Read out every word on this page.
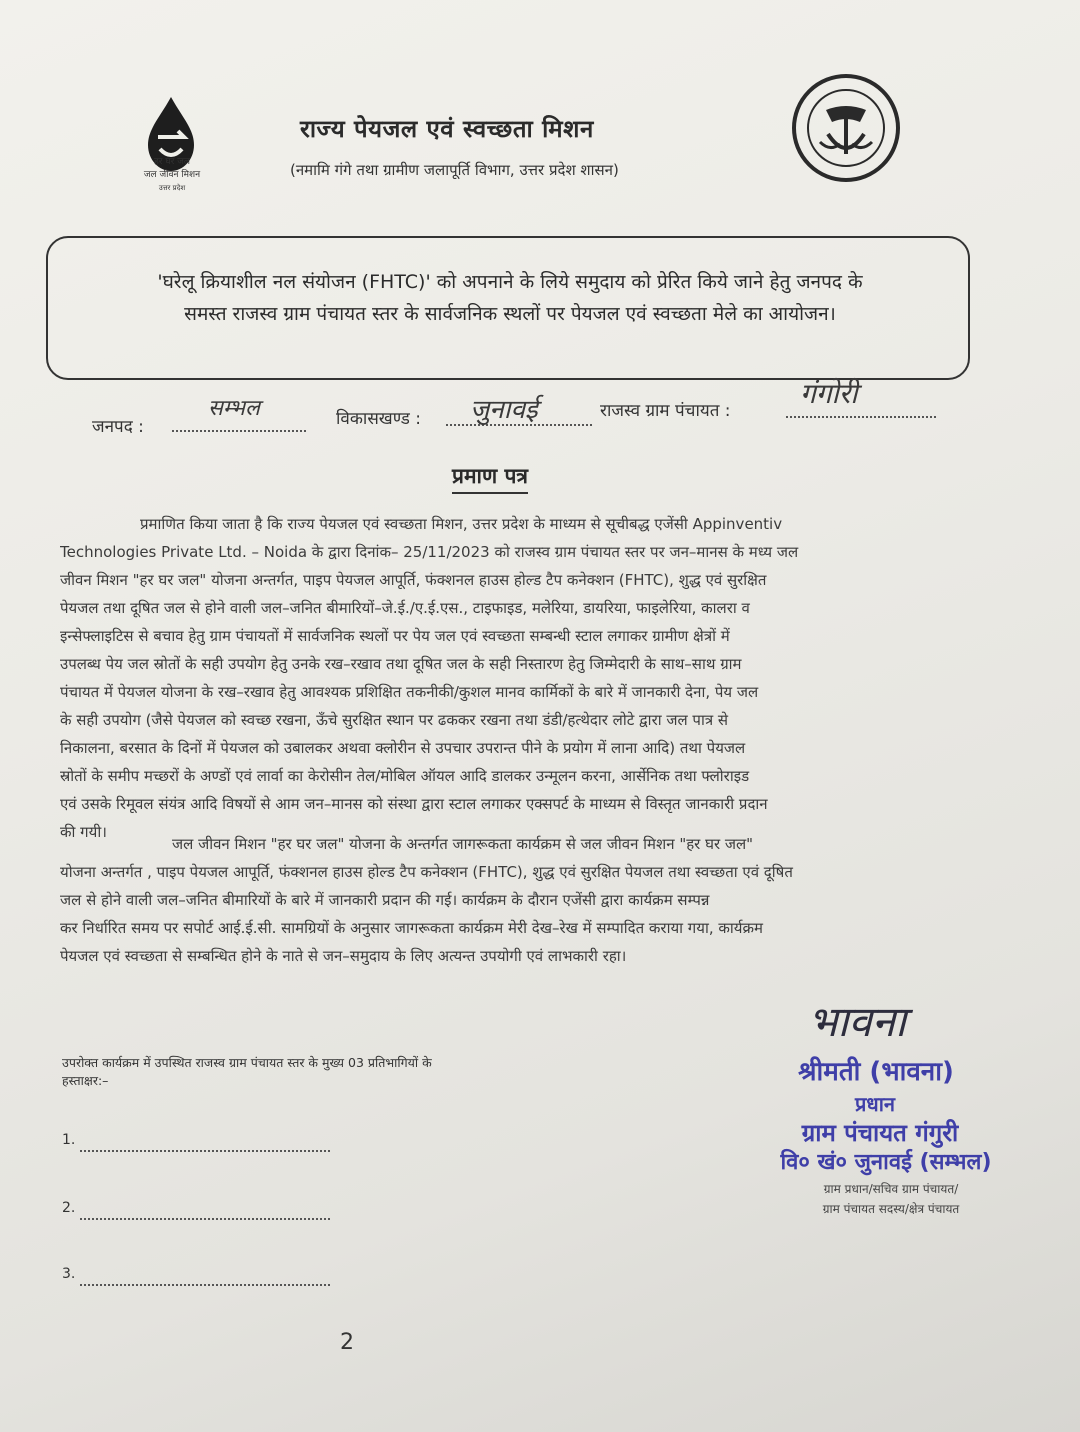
हर घर जल
जल जीवन मिशन
उत्तर प्रदेश
राज्य पेयजल एवं स्वच्छता मिशन
(नमामि गंगे तथा ग्रामीण जलापूर्ति विभाग, उत्तर प्रदेश शासन)
'घरेलू क्रियाशील नल संयोजन (FHTC)' को अपनाने के लिये समुदाय को प्रेरित किये जाने हेतु जनपद के
समस्त राजस्व ग्राम पंचायत स्तर के सार्वजनिक स्थलों पर पेयजल एवं स्वच्छता मेले का आयोजन।
जनपद :
सम्भल	विकासखण्ड : जुनावई	राजस्व ग्राम पंचायत :
गंगोरी
प्रमाण पत्र
प्रमाणित किया जाता है कि राज्य पेयजल एवं स्वच्छता मिशन, उत्तर प्रदेश के माध्यम से सूचीबद्ध एजेंसी Appinventiv
Technologies Private Ltd. – Noida के द्वारा दिनांक– 25/11/2023 को राजस्व ग्राम पंचायत स्तर पर जन–मानस के मध्य जल
जीवन मिशन "हर घर जल" योजना अन्तर्गत, पाइप पेयजल आपूर्ति, फंक्शनल हाउस होल्ड टैप कनेक्शन (FHTC), शुद्ध एवं सुरक्षित
पेयजल तथा दूषित जल से होने वाली जल–जनित बीमारियों–जे.ई./ए.ई.एस., टाइफाइड, मलेरिया, डायरिया, फाइलेरिया, कालरा व
इन्सेफ्लाइटिस से बचाव हेतु ग्राम पंचायतों में सार्वजनिक स्थलों पर पेय जल एवं स्वच्छता सम्बन्धी स्टाल लगाकर ग्रामीण क्षेत्रों में
उपलब्ध पेय जल स्रोतों के सही उपयोग हेतु उनके रख–रखाव तथा दूषित जल के सही निस्तारण हेतु जिम्मेदारी के साथ–साथ ग्राम
पंचायत में पेयजल योजना के रख–रखाव हेतु आवश्यक प्रशिक्षित तकनीकी/कुशल मानव कार्मिकों के बारे में जानकारी देना, पेय जल
के सही उपयोग (जैसे पेयजल को स्वच्छ रखना, ऊँचे सुरक्षित स्थान पर ढककर रखना तथा डंडी/हत्थेदार लोटे द्वारा जल पात्र से
निकालना, बरसात के दिनों में पेयजल को उबालकर अथवा क्लोरीन से उपचार उपरान्त पीने के प्रयोग में लाना आदि) तथा पेयजल
स्रोतों के समीप मच्छरों के अण्डों एवं लार्वा का केरोसीन तेल/मोबिल ऑयल आदि डालकर उन्मूलन करना, आर्सेनिक तथा फ्लोराइड
एवं उसके रिमूवल संयंत्र आदि विषयों से आम जन–मानस को संस्था द्वारा स्टाल लगाकर एक्सपर्ट के माध्यम से विस्तृत जानकारी प्रदान
की गयी।
जल जीवन मिशन "हर घर जल" योजना के अन्तर्गत जागरूकता कार्यक्रम से जल जीवन मिशन "हर घर जल"
योजना अन्तर्गत , पाइप पेयजल आपूर्ति, फंक्शनल हाउस होल्ड टैप कनेक्शन (FHTC), शुद्ध एवं सुरक्षित पेयजल तथा स्वच्छता एवं दूषित
जल से होने वाली जल–जनित बीमारियों के बारे में जानकारी प्रदान की गई। कार्यक्रम के दौरान एजेंसी द्वारा कार्यक्रम सम्पन्न
कर निर्धारित समय पर सपोर्ट आई.ई.सी. सामग्रियों के अनुसार जागरूकता कार्यक्रम मेरी देख–रेख में सम्पादित कराया गया, कार्यक्रम
पेयजल एवं स्वच्छता से सम्बन्धित होने के नाते से जन–समुदाय के लिए अत्यन्त उपयोगी एवं लाभकारी रहा।
भावना
श्रीमती (भावना)
प्रधान
ग्राम पंचायत गंगुरी
वि० खं० जुनावई (सम्भल)
ग्राम प्रधान/सचिव ग्राम पंचायत/
ग्राम पंचायत सदस्य/क्षेत्र पंचायत
उपरोक्त कार्यक्रम में उपस्थित राजस्व ग्राम पंचायत स्तर के मुख्य 03 प्रतिभागियों के
हस्ताक्षर:–
1.
2.
3.
2
